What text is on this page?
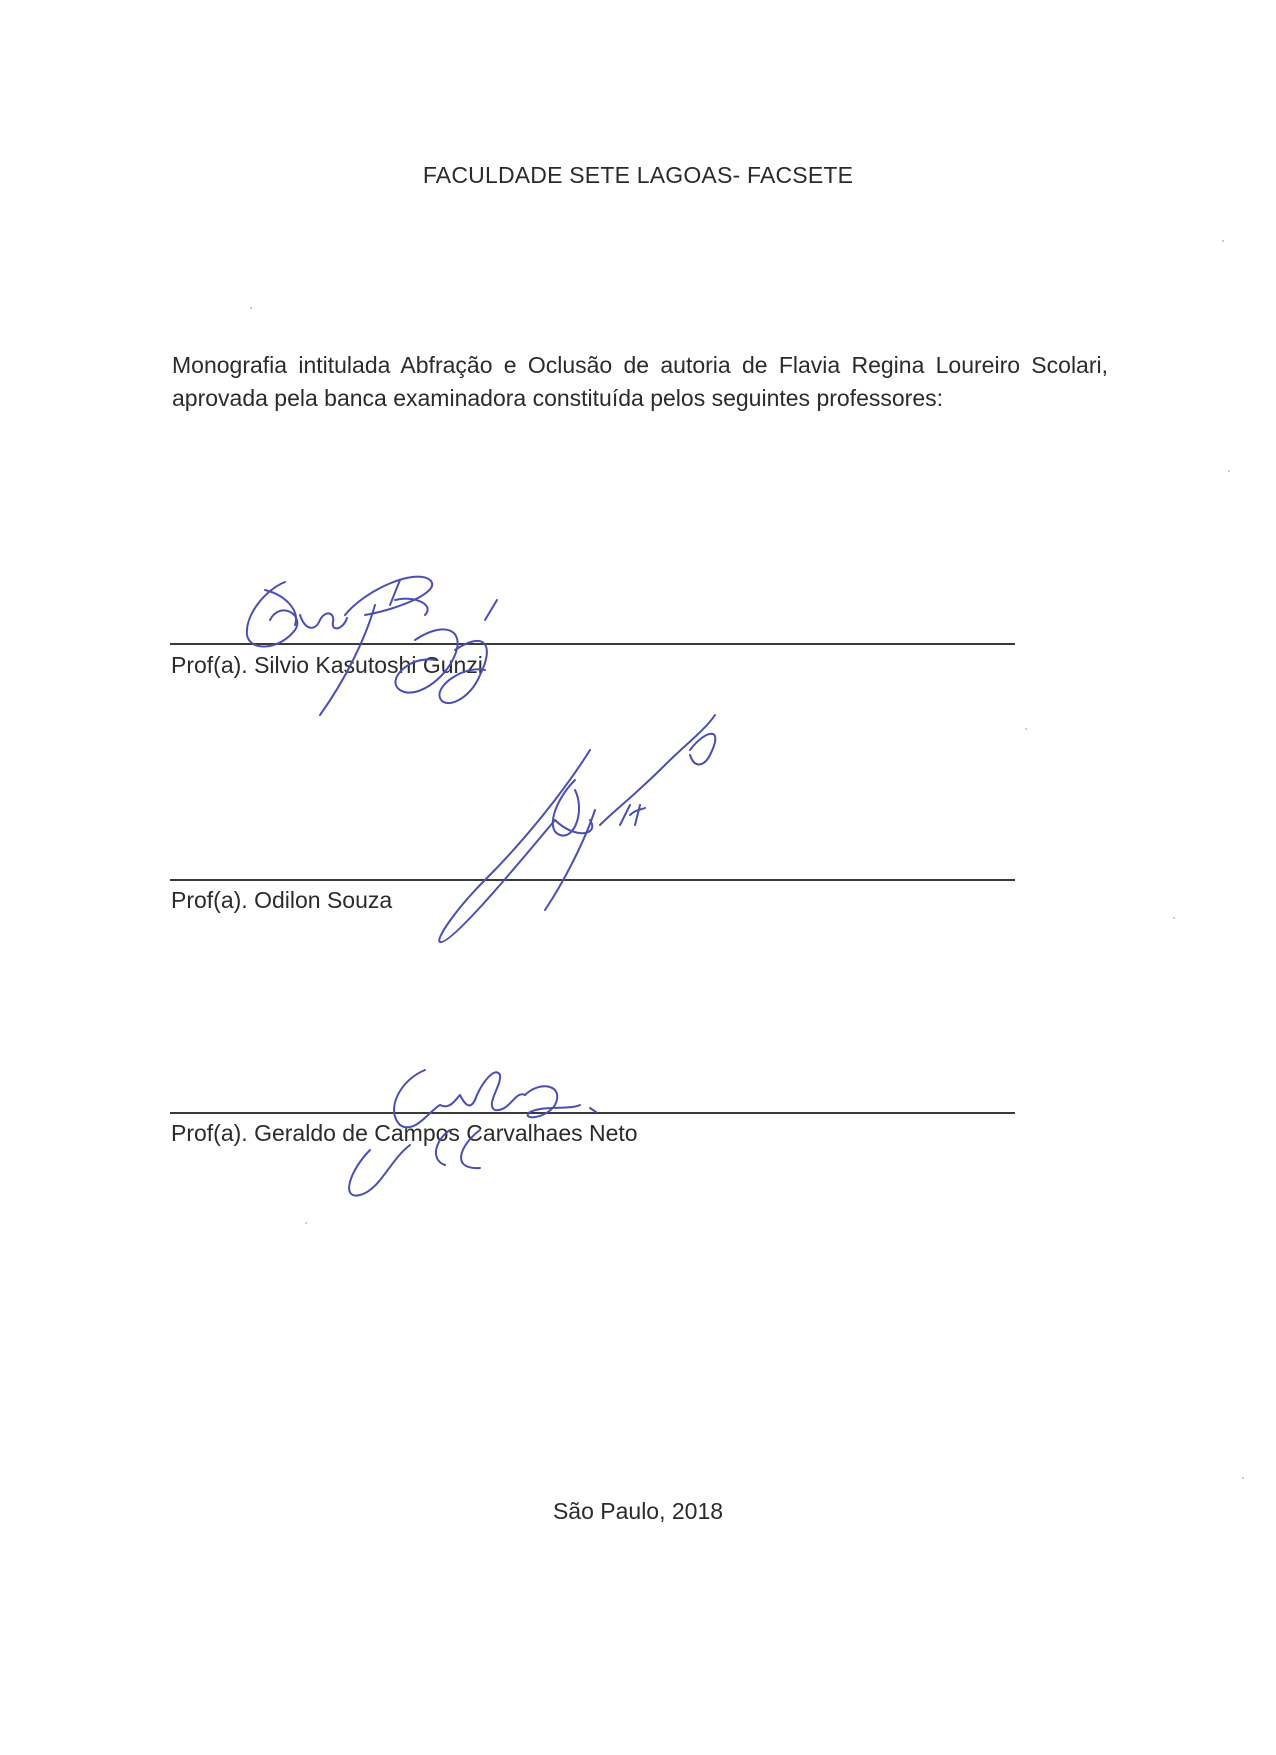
FACULDADE SETE LAGOAS- FACSETE
Monografia intitulada Abfração e Oclusão de autoria de Flavia Regina Loureiro Scolari, aprovada pela banca examinadora constituída pelos seguintes professores:
Prof(a). Silvio Kasutoshi Gunzi
Prof(a). Odilon Souza
Prof(a). Geraldo de Campos Carvalhaes Neto
São Paulo, 2018
